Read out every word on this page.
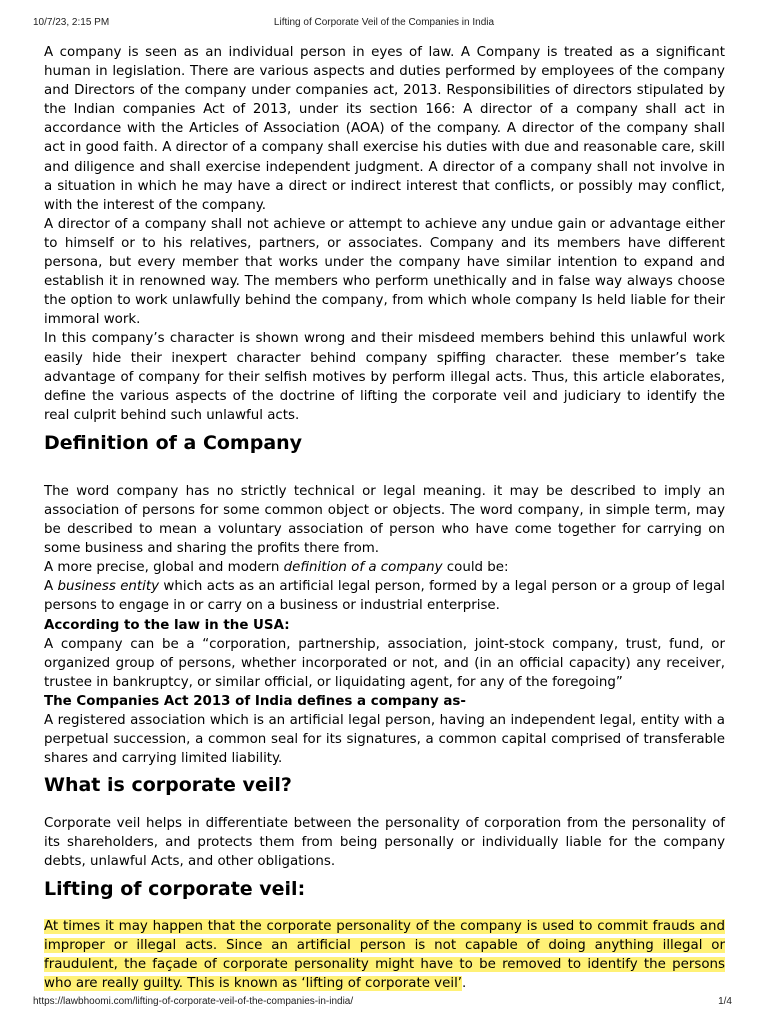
10/7/23, 2:15 PM	Lifting of Corporate Veil of the Companies in India

A company is seen as an individual person in eyes of law. A Company is treated as a significant human in legislation. There are various aspects and duties performed by employees of the company and Directors of the company under companies act, 2013. Responsibilities of directors stipulated by the Indian companies Act of 2013, under its section 166: A director of a company shall act in accordance with the Articles of Association (AOA) of the company. A director of the company shall act in good faith. A director of a company shall exercise his duties with due and reasonable care, skill and diligence and shall exercise independent judgment. A director of a company shall not involve in a situation in which he may have a direct or indirect interest that conflicts, or possibly may conflict, with the interest of the company.

A director of a company shall not achieve or attempt to achieve any undue gain or advantage either to himself or to his relatives, partners, or associates. Company and its members have different persona, but every member that works under the company have similar intention to expand and establish it in renowned way. The members who perform unethically and in false way always choose the option to work unlawfully behind the company, from which whole company Is held liable for their immoral work.

In this company’s character is shown wrong and their misdeed members behind this unlawful work easily hide their inexpert character behind company spiffing character. these member’s take advantage of company for their selfish motives by perform illegal acts. Thus, this article elaborates, define the various aspects of the doctrine of lifting the corporate veil and judiciary to identify the real culprit behind such unlawful acts.

Definition of a Company

The word company has no strictly technical or legal meaning. it may be described to imply an association of persons for some common object or objects. The word company, in simple term, may be described to mean a voluntary association of person who have come together for carrying on some business and sharing the profits there from.

A more precise, global and modern definition of a company could be:

A business entity which acts as an artificial legal person, formed by a legal person or a group of legal persons to engage in or carry on a business or industrial enterprise.

According to the law in the USA:

A company can be a “corporation, partnership, association, joint-stock company, trust, fund, or organized group of persons, whether incorporated or not, and (in an official capacity) any receiver, trustee in bankruptcy, or similar official, or liquidating agent, for any of the foregoing”

The Companies Act 2013 of India defines a company as-

A registered association which is an artificial legal person, having an independent legal, entity with a perpetual succession, a common seal for its signatures, a common capital comprised of transferable shares and carrying limited liability.

What is corporate veil?

Corporate veil helps in differentiate between the personality of corporation from the personality of its shareholders, and protects them from being personally or individually liable for the company debts, unlawful Acts, and other obligations.

Lifting of corporate veil:

At times it may happen that the corporate personality of the company is used to commit frauds and improper or illegal acts. Since an artificial person is not capable of doing anything illegal or fraudulent, the façade of corporate personality might have to be removed to identify the persons who are really guilty. This is known as ‘lifting of corporate veil’.

https://lawbhoomi.com/lifting-of-corporate-veil-of-the-companies-in-india/	1/4
